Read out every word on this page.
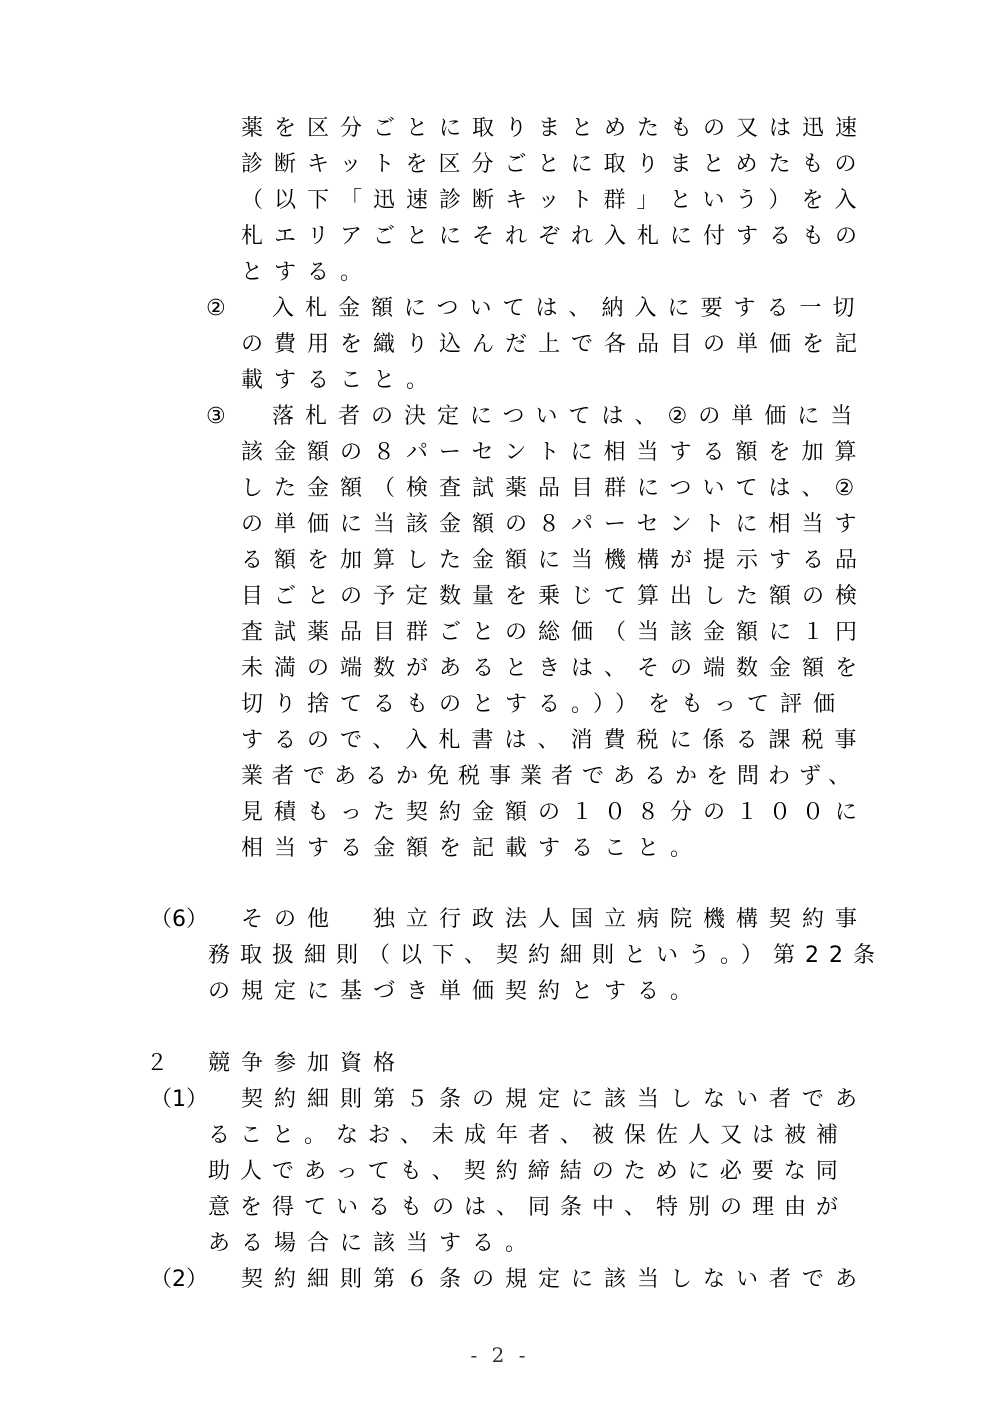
薬を区分ごとに取りまとめたもの又は迅速
診断キットを区分ごとに取りまとめたもの
（以下「迅速診断キット群」という）を入
札エリアごとにそれぞれ入札に付するもの
とする。
② 入札金額については、納入に要する一切
の費用を織り込んだ上で各品目の単価を記
載すること。
③ 落札者の決定については、②の単価に当
該金額の８パーセントに相当する額を加算
した金額（検査試薬品目群については、②
の単価に当該金額の８パーセントに相当す
る額を加算した金額に当機構が提示する品
目ごとの予定数量を乗じて算出した額の検
査試薬品目群ごとの総価（当該金額に１円
未満の端数があるときは、その端数金額を
切り捨てるものとする。））をもって評価
するので、入札書は、消費税に係る課税事
業者であるか免税事業者であるかを問わず、
見積もった契約金額の１０８分の１００に
相当する金額を記載すること。
（6） その他　独立行政法人国立病院機構契約事
務取扱細則（以下、契約細則という。）第22条
の規定に基づき単価契約とする。
２ 競争参加資格
（1） 契約細則第５条の規定に該当しない者であ
ること。なお、未成年者、被保佐人又は被補
助人であっても、契約締結のために必要な同
意を得ているものは、同条中、特別の理由が
ある場合に該当する。
（2） 契約細則第６条の規定に該当しない者であ
- 2 -
